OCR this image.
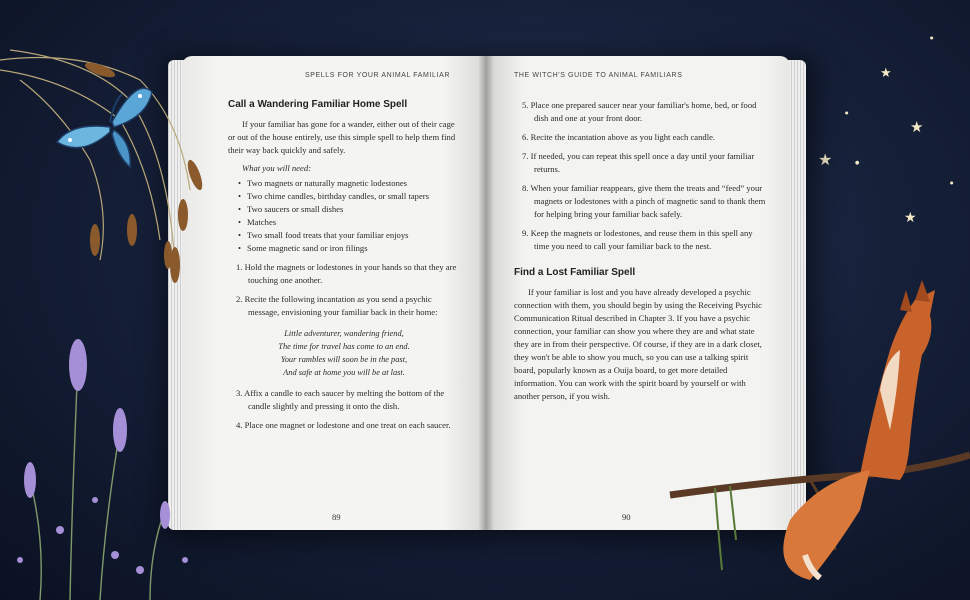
★
★
★
★
●
●
●
●
SPELLS FOR YOUR ANIMAL FAMILIAR
Call a Wandering Familiar Home Spell

If your familiar has gone for a wander, either out of their cage or out of the house entirely, use this simple spell to help them find their way back quickly and safely.

What you will need:
• Two magnets or naturally magnetic lodestones
• Two chime candles, birthday candles, or small tapers
• Two saucers or small dishes
• Matches
• Two small food treats that your familiar enjoys
• Some magnetic sand or iron filings
1. Hold the magnets or lodestones in your hands so that they are touching one another.
2. Recite the following incantation as you send a psychic message, envisioning your familiar back in their home:
Little adventurer, wandering friend,
The time for travel has come to an end.
Your rambles will soon be in the past,
And safe at home you will be at last.
3. Affix a candle to each saucer by melting the bottom of the candle slightly and pressing it onto the dish.
4. Place one magnet or lodestone and one treat on each saucer.
89
THE WITCH'S GUIDE TO ANIMAL FAMILIARS
5. Place one prepared saucer near your familiar's home, bed, or food dish and one at your front door.
6. Recite the incantation above as you light each candle.
7. If needed, you can repeat this spell once a day until your familiar returns.
8. When your familiar reappears, give them the treats and “feed” your magnets or lodestones with a pinch of magnetic sand to thank them for helping bring your familiar back safely.
9. Keep the magnets or lodestones, and reuse them in this spell any time you need to call your familiar back to the nest.
Find a Lost Familiar Spell

If your familiar is lost and you have already developed a psychic connection with them, you should begin by using the Receiving Psychic Communication Ritual described in Chapter 3. If you have a psychic connection, your familiar can show you where they are and what state they are in from their perspective. Of course, if they are in a dark closet, they won't be able to show you much, so you can use a talking spirit board, popularly known as a Ouija board, to get more detailed information. You can work with the spirit board by yourself or with another person, if you wish.

90
